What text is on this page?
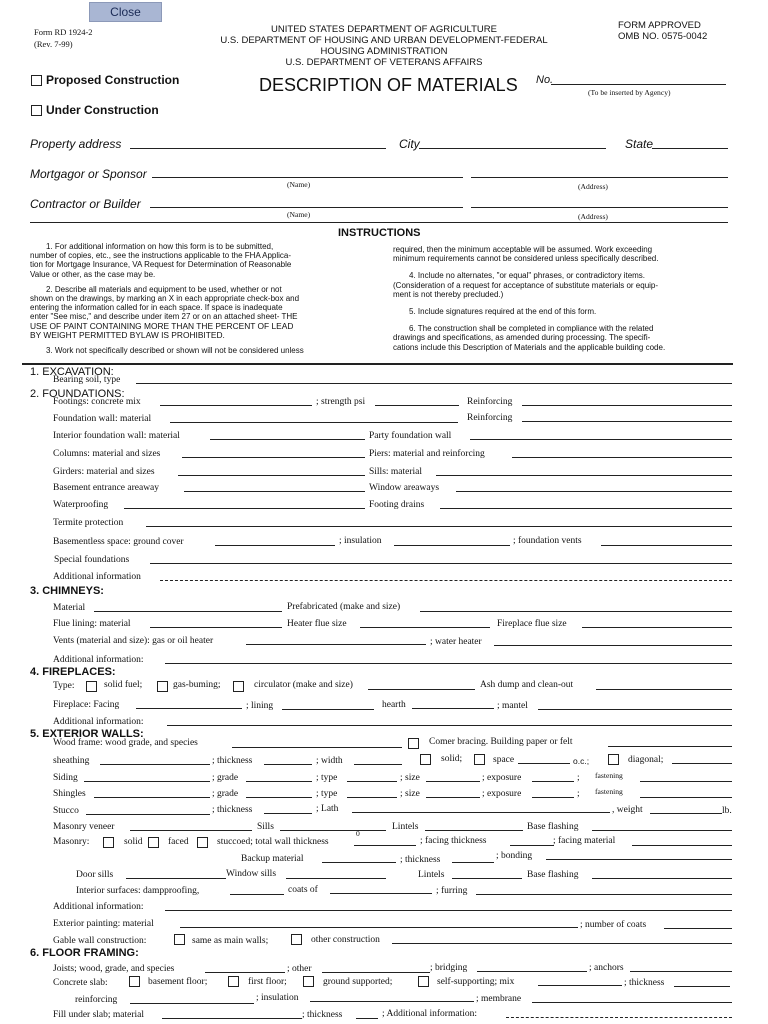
Close
Form RD 1924-2
(Rev. 7-99)
UNITED STATES DEPARTMENT OF AGRICULTURE
U.S. DEPARTMENT OF HOUSING AND URBAN DEVELOPMENT-FEDERAL
HOUSING ADMINISTRATION
U.S. DEPARTMENT OF VETERANS AFFAIRS
FORM APPROVED
OMB NO. 0575-0042
Proposed Construction
Under Construction
DESCRIPTION OF MATERIALS No.
(To be inserted by Agency)
Property address	City	State
Mortgagor or Sponsor
(Name)	(Address)
Contractor or Builder
(Name)	(Address)
INSTRUCTIONS
1. For additional information on how this form is to be submitted,
number of copies, etc., see the instructions applicable to the FHA Applica-
tion for Mortgage Insurance, VA Request for Determination of Reasonable
Value or other, as the case may be.
2. Describe all materials and equipment to be used, whether or not
shown on the drawings, by marking an X in each appropriate check-box and
entering the information called for in each space. If space is inadequate
enter "See misc," and describe under item 27 or on an attached sheet- THE
USE OF PAINT CONTAINING MORE THAN THE PERCENT OF LEAD
BY WEIGHT PERMITTED BYLAW IS PROHIBITED.
3. Work not specifically described or shown will not be considered unless
required, then the minimum acceptable will be assumed. Work exceeding
minimum requirements cannot be considered unless specifically described.
4. Include no alternates, "or equal" phrases, or contradictory items.
(Consideration of a request for acceptance of substitute materials or equip-
ment is not thereby precluded.)
5. Include signatures required at the end of this form.
6. The construction shall be completed in compliance with the related
drawings and specifications, as amended during processing. The specifi-
cations include this Description of Materials and the applicable building code.
1. EXCAVATION:
Bearing soil, type
2. FOUNDATIONS:
Footings: concrete mix	; strength psi	Reinforcing
Foundation wall: material	Reinforcing
Interior foundation wall: material	Party foundation wall
Columns: material and sizes	Piers: material and reinforcing
Girders: material and sizes	Sills: material
Basement entrance areaway	Window areaways
Waterproofing	Footing drains
Termite protection
Basementless space: ground cover	; insulation	; foundation vents
Special foundations
Additional information
3. CHIMNEYS:
Material	Prefabricated (make and size)
Flue lining: material	Heater flue size	Fireplace flue size
Vents (material and size): gas or oil heater	; water heater
Additional information:
4. FIREPLACES:
Type:	solid fuel;	gas-buming;	circulator (make and size)	Ash dump and clean-out
Fireplace: Facing	; lining	hearth	; mantel
Additional information:
5. EXTERIOR WALLS:
Wood frame: wood grade, and species	Comer bracing. Building paper or felt
sheathing	; thickness	; width	solid;	space	o.c.;	diagonal;
Siding	; grade	; type	; size	; exposure	; fastening
Shingles	; grade	; type	; size	; exposure	; fastening
Stucco	; thickness	; Lath	, weight	lb.
Masonry veneer	Sills	Lintels	Base flashing
Masonry:	solid	faced	stuccoed; total wall thickness
0
; facing thickness	; facing material
Backup material	; thickness	; bonding
Door sills	Window sills	Lintels	Base flashing
Interior surfaces: dampproofing,	coats of	; furring
Additional information:
Exterior painting: material	; number of coats
Gable wall construction:	same as main walls;	other construction
6. FLOOR FRAMING:
Joists; wood, grade, and species	; other	; bridging	; anchors
Concrete slab:	basement floor;	first floor;	ground supported;	self-supporting; mix	; thickness
reinforcing	; insulation	; membrane
Fill under slab; material	; thickness	; Additional information:
